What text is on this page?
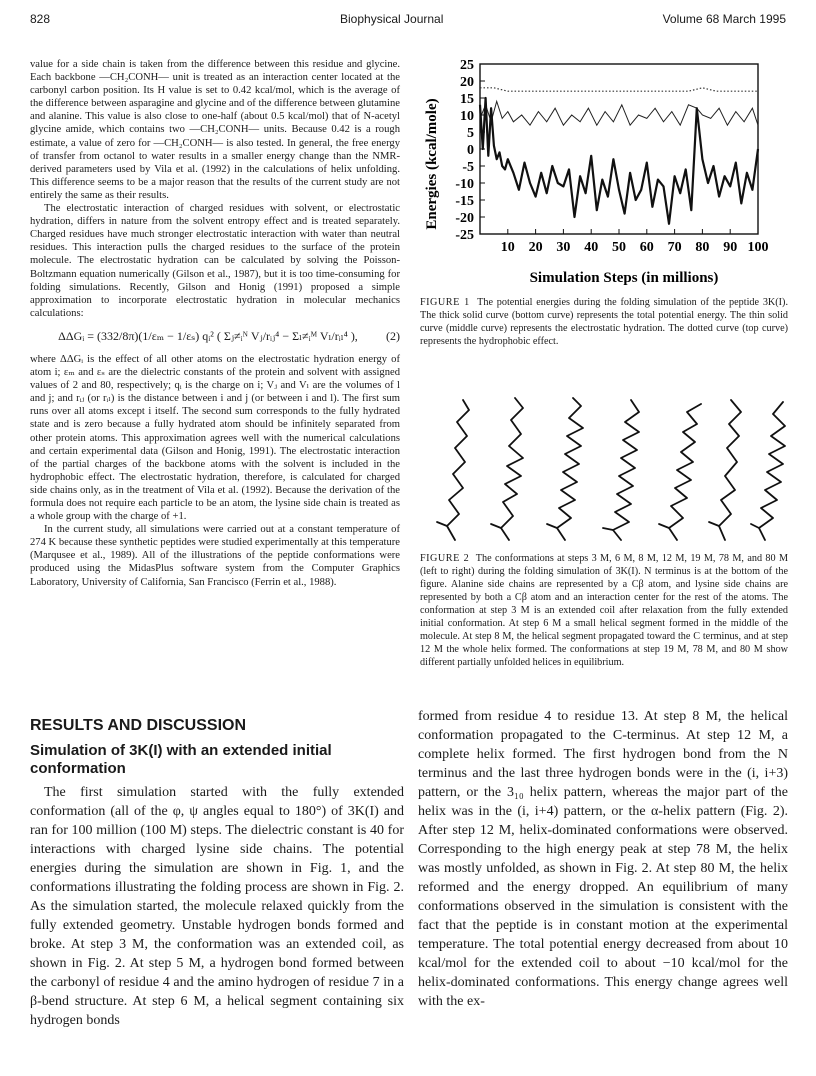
828	Biophysical Journal	Volume 68 March 1995

value for a side chain is taken from the difference between this residue and glycine. Each backbone —CH₂CONH— unit is treated as an interaction center located at the carbonyl carbon position. Its H value is set to 0.42 kcal/mol, which is the average of the difference between asparagine and glycine and of the difference between glutamine and alanine. This value is also close to one-half (about 0.5 kcal/mol) that of N-acetyl glycine amide, which contains two —CH₂CONH— units. Because 0.42 is a rough estimate, a value of zero for —CH₂CONH— is also tested. In general, the free energy of transfer from octanol to water results in a smaller energy change than the NMR-derived parameters used by Vila et al. (1992) in the calculations of helix unfolding. This difference seems to be a major reason that the results of the current study are not entirely the same as their results.

The electrostatic interaction of charged residues with solvent, or electrostatic hydration, differs in nature from the solvent entropy effect and is treated separately. Charged residues have much stronger electrostatic interaction with water than neutral residues. This interaction pulls the charged residues to the surface of the protein molecule. The electrostatic hydration can be calculated by solving the Poisson-Boltzmann equation numerically (Gilson et al., 1987), but it is too time-consuming for folding simulations. Recently, Gilson and Honig (1991) proposed a simple approximation to incorporate electrostatic hydration in molecular mechanics calculations:

ΔΔGᵢ = (332/8π)(1/εₘ − 1/εₛ) qᵢ² ( Σⱼ≠ᵢᴺ Vⱼ/rᵢⱼ⁴ − Σₗ≠ᵢᴹ Vₗ/rᵢₗ⁴ ), (2)

where ΔΔGᵢ is the effect of all other atoms on the electrostatic hydration energy of atom i; εₘ and εₛ are the dielectric constants of the protein and solvent with assigned values of 2 and 80, respectively; qᵢ is the charge on i; Vⱼ and Vₗ are the volumes of l and j; and rᵢⱼ (or rᵢₗ) is the distance between i and j (or between i and l). The first sum runs over all atoms except i itself. The second sum corresponds to the fully hydrated state and is zero because a fully hydrated atom should be infinitely separated from other protein atoms. This approximation agrees well with the numerical calculations and certain experimental data (Gilson and Honig, 1991). The electrostatic interaction of the partial charges of the backbone atoms with the solvent is included in the hydrophobic effect. The electrostatic hydration, therefore, is calculated for charged side chains only, as in the treatment of Vila et al. (1992). Because the derivation of the formula does not require each particle to be an atom, the lysine side chain is treated as a whole group with the charge of +1.

In the current study, all simulations were carried out at a constant temperature of 274 K because these synthetic peptides were studied experimentally at this temperature (Marqusee et al., 1989). All of the illustrations of the peptide conformations were produced using the MidasPlus software system from the Computer Graphics Laboratory, University of California, San Francisco (Ferrin et al., 1988).

RESULTS AND DISCUSSION
Simulation of 3K(I) with an extended initial conformation

The first simulation started with the fully extended conformation (all of the φ, ψ angles equal to 180°) of 3K(I) and ran for 100 million (100 M) steps. The dielectric constant is 40 for interactions with charged lysine side chains. The potential energies during the simulation are shown in Fig. 1, and the conformations illustrating the folding process are shown in Fig. 2. As the simulation started, the molecule relaxed quickly from the fully extended geometry. Unstable hydrogen bonds formed and broke. At step 3 M, the conformation was an extended coil, as shown in Fig. 2. At step 5 M, a hydrogen bond formed between the carbonyl of residue 4 and the amino hydrogen of residue 7 in a β-bend structure. At step 6 M, a helical segment containing six hydrogen bonds

25
20
15
10
5
0
-5
-10
-15
-20
-25
10 20 30 40 50 60 70 80 90 100
Energies (kcal/mole)
Simulation Steps (in millions)
FIGURE 1 The potential energies during the folding simulation of the peptide 3K(I). The thick solid curve (bottom curve) represents the total potential energy. The thin solid curve (middle curve) represents the electrostatic hydration. The dotted curve (top curve) represents the hydrophobic effect.
FIGURE 2 The conformations at steps 3 M, 6 M, 8 M, 12 M, 19 M, 78 M, and 80 M (left to right) during the folding simulation of 3K(I). N terminus is at the bottom of the figure. Alanine side chains are represented by a Cβ atom, and lysine side chains are represented by both a Cβ atom and an interaction center for the rest of the atoms. The conformation at step 3 M is an extended coil after relaxation from the fully extended initial conformation. At step 6 M a small helical segment formed in the middle of the molecule. At step 8 M, the helical segment propagated toward the C terminus, and at step 12 M the whole helix formed. The conformations at step 19 M, 78 M, and 80 M show different partially unfolded helices in equilibrium.

formed from residue 4 to residue 13. At step 8 M, the helical conformation propagated to the C-terminus. At step 12 M, a complete helix formed. The first hydrogen bond from the N terminus and the last three hydrogen bonds were in the (i, i+3) pattern, or the 3₁₀ helix pattern, whereas the major part of the helix was in the (i, i+4) pattern, or the α-helix pattern (Fig. 2). After step 12 M, helix-dominated conformations were observed. Corresponding to the high energy peak at step 78 M, the helix was mostly unfolded, as shown in Fig. 2. At step 80 M, the helix reformed and the energy dropped. An equilibrium of many conformations observed in the simulation is consistent with the fact that the peptide is in constant motion at the experimental temperature. The total potential energy decreased from about 10 kcal/mol for the extended coil to about −10 kcal/mol for the helix-dominated conformations. This energy change agrees well with the ex-
